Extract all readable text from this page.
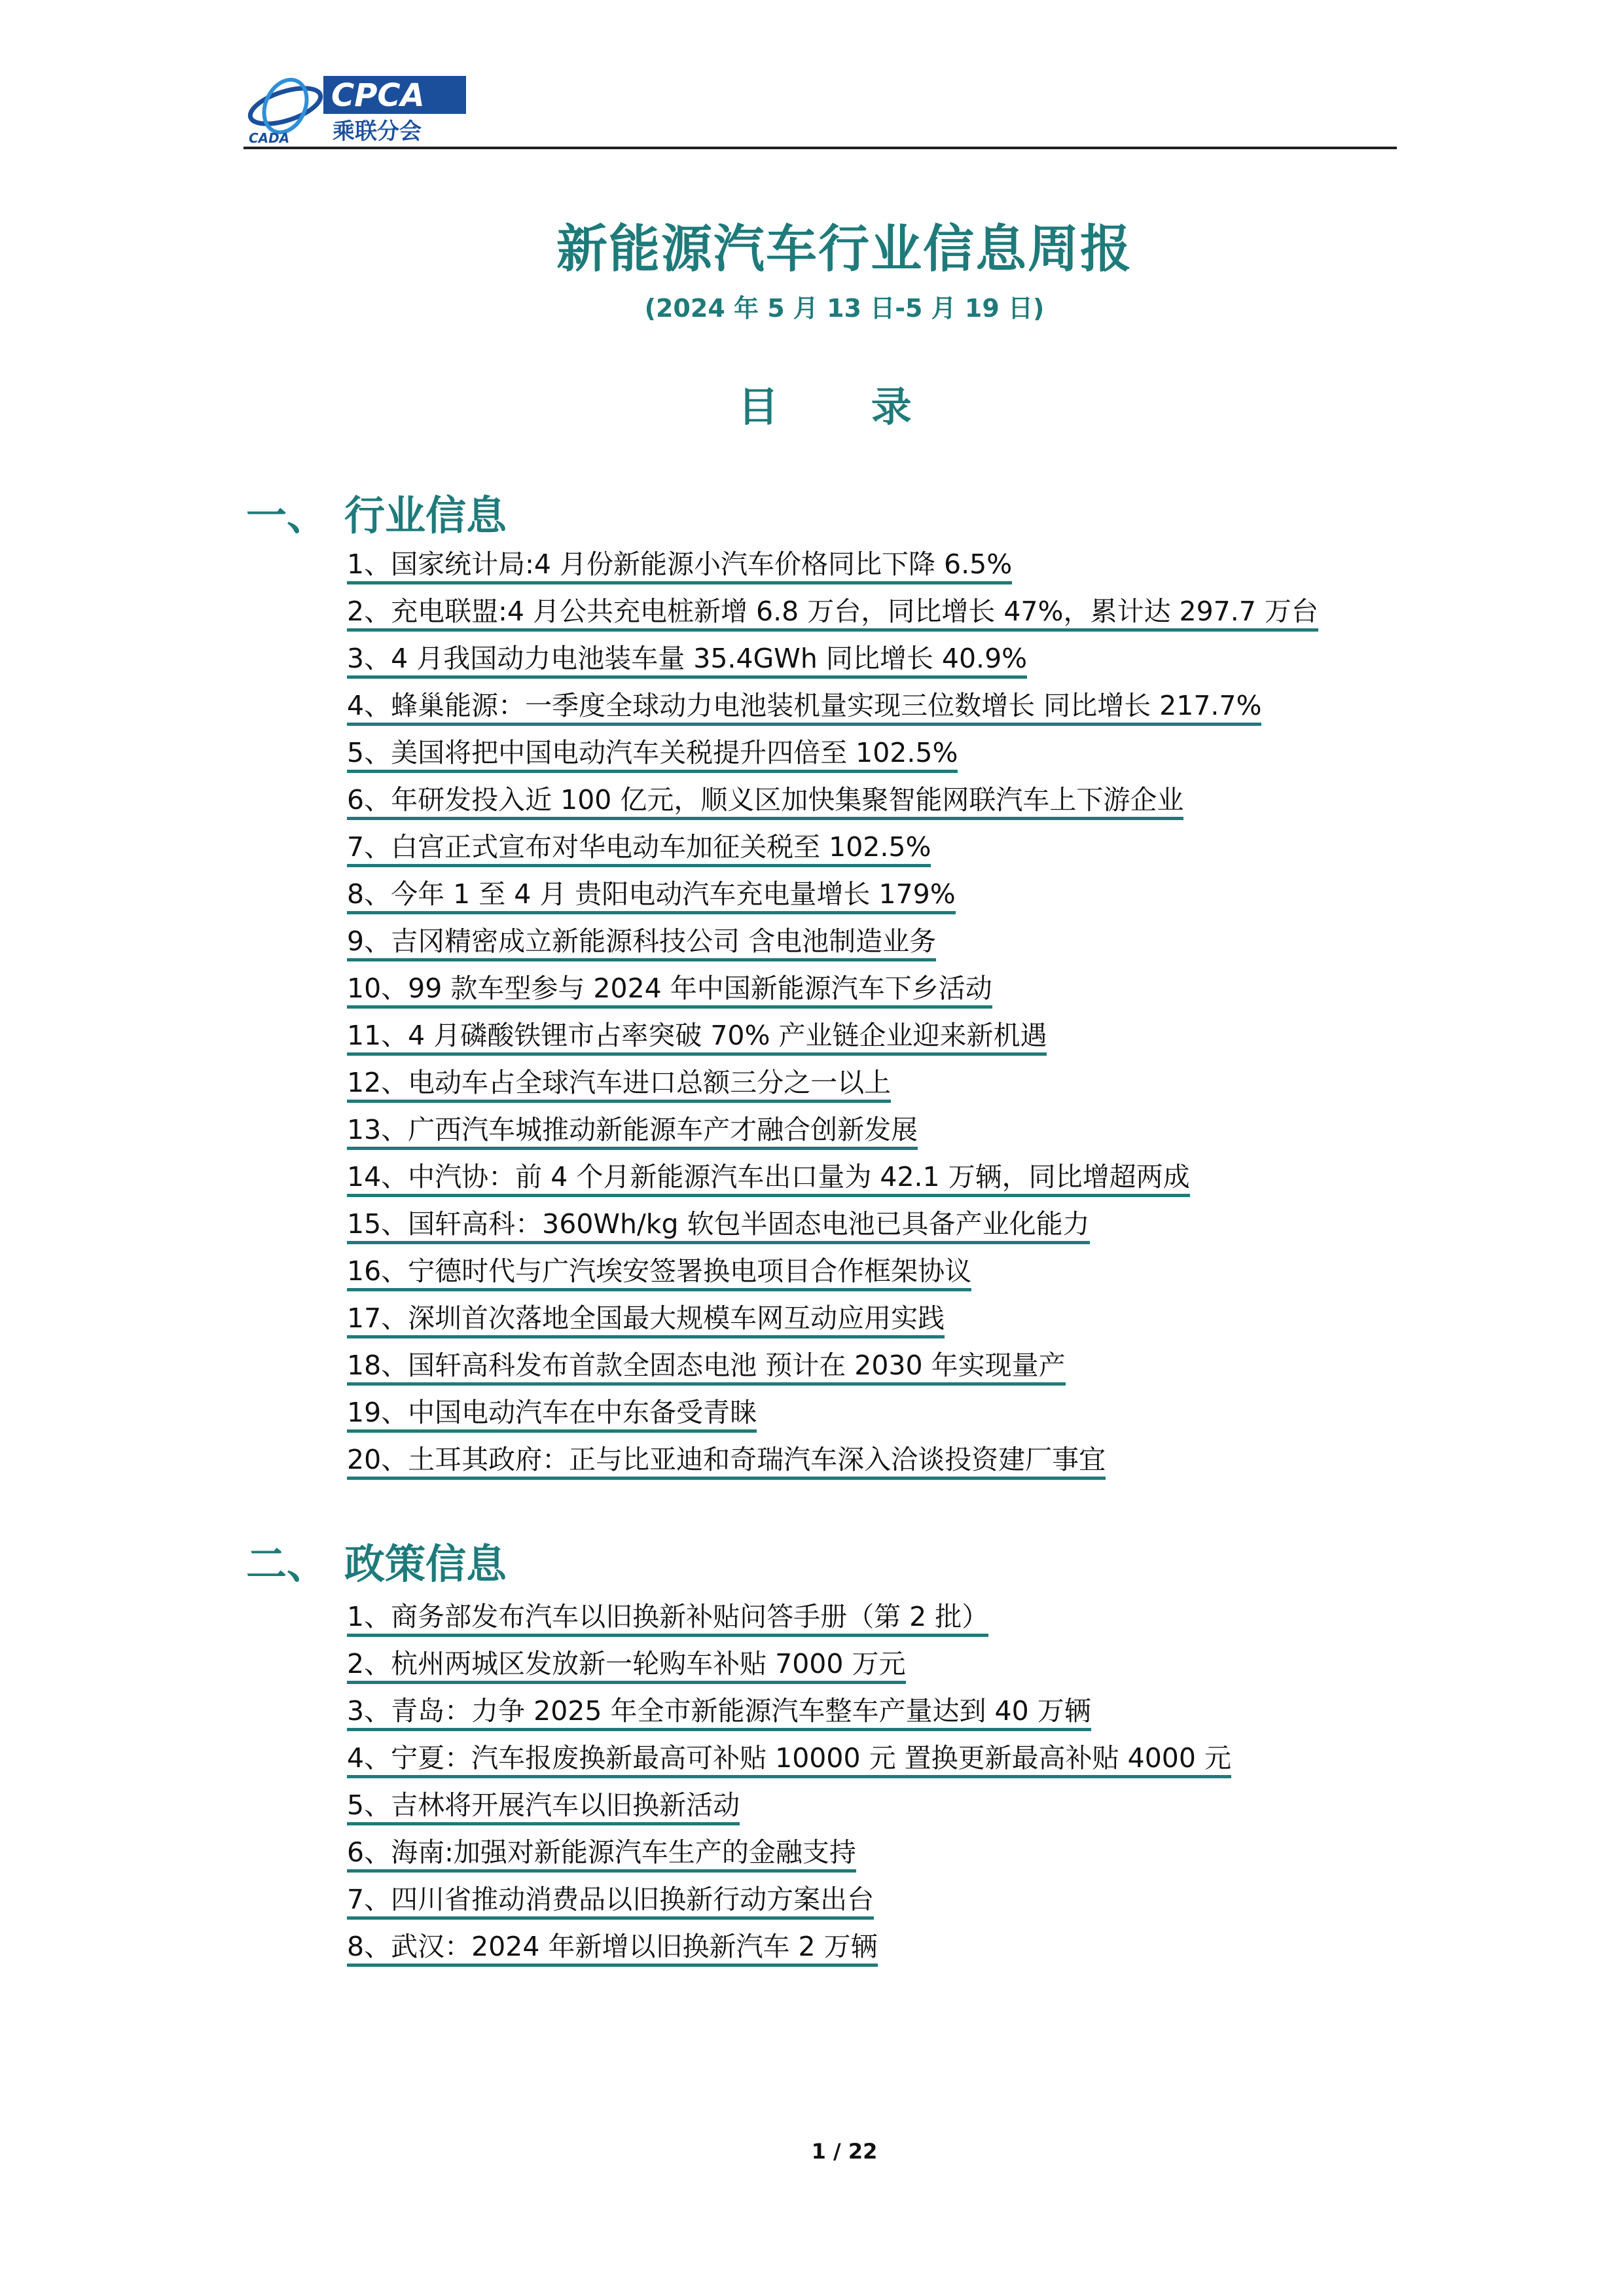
CADA
CPCA
乘联分会
新能源汽车行业信息周报
(2024 年 5 月 13 日-5 月 19 日)
目 录
一、 行业信息
1、国家统计局:4 月份新能源小汽车价格同比下降 6.5%
2、充电联盟:4 月公共充电桩新增 6.8 万台，同比增长 47%，累计达 297.7 万台
3、4 月我国动力电池装车量 35.4GWh 同比增长 40.9%
4、蜂巢能源：一季度全球动力电池装机量实现三位数增长 同比增长 217.7%
5、美国将把中国电动汽车关税提升四倍至 102.5%
6、年研发投入近 100 亿元，顺义区加快集聚智能网联汽车上下游企业
7、白宫正式宣布对华电动车加征关税至 102.5%
8、今年 1 至 4 月 贵阳电动汽车充电量增长 179%
9、吉冈精密成立新能源科技公司 含电池制造业务
10、99 款车型参与 2024 年中国新能源汽车下乡活动
11、4 月磷酸铁锂市占率突破 70% 产业链企业迎来新机遇
12、电动车占全球汽车进口总额三分之一以上
13、广西汽车城推动新能源车产才融合创新发展
14、中汽协：前 4 个月新能源汽车出口量为 42.1 万辆，同比增超两成
15、国轩高科：360Wh/kg 软包半固态电池已具备产业化能力
16、宁德时代与广汽埃安签署换电项目合作框架协议
17、深圳首次落地全国最大规模车网互动应用实践
18、国轩高科发布首款全固态电池 预计在 2030 年实现量产
19、中国电动汽车在中东备受青睐
20、土耳其政府：正与比亚迪和奇瑞汽车深入洽谈投资建厂事宜
二、 政策信息
1、商务部发布汽车以旧换新补贴问答手册（第 2 批）
2、杭州两城区发放新一轮购车补贴 7000 万元
3、青岛：力争 2025 年全市新能源汽车整车产量达到 40 万辆
4、宁夏：汽车报废换新最高可补贴 10000 元 置换更新最高补贴 4000 元
5、吉林将开展汽车以旧换新活动
6、海南:加强对新能源汽车生产的金融支持
7、四川省推动消费品以旧换新行动方案出台
8、武汉：2024 年新增以旧换新汽车 2 万辆
1 / 22
